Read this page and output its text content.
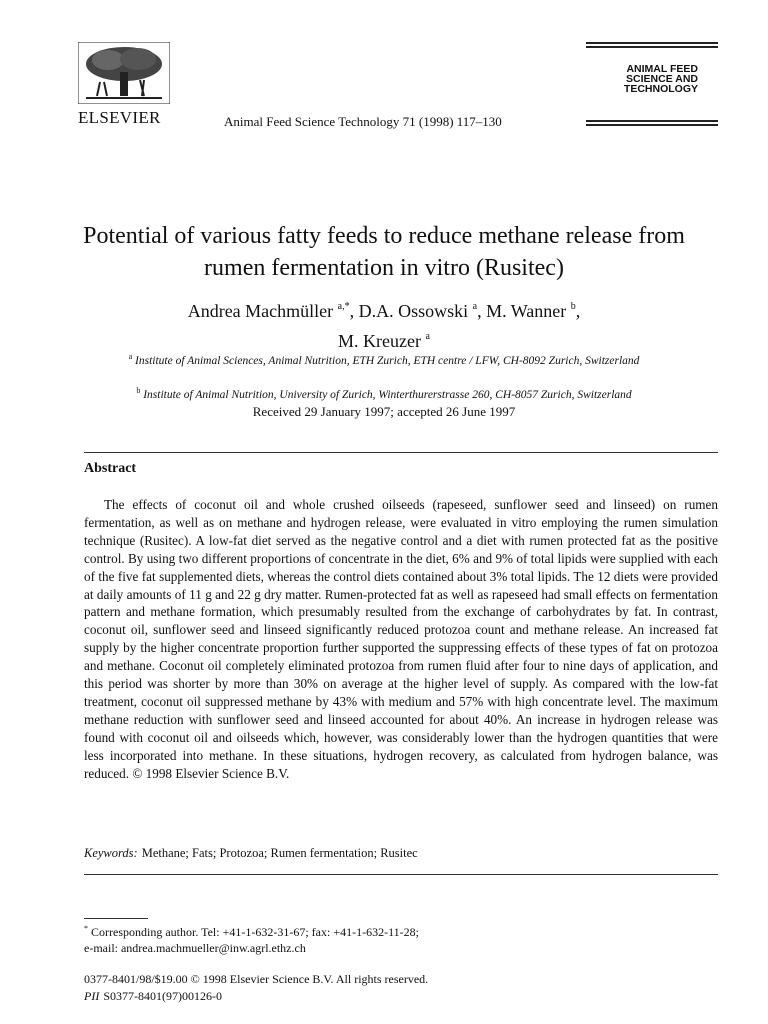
ELSEVIER	Animal Feed Science Technology 71 (1998) 117–130
ANIMAL FEED
SCIENCE AND
TECHNOLOGY
Potential of various fatty feeds to reduce methane release from rumen fermentation in vitro (Rusitec)
Andrea Machmüller $^{a,*}$, D.A. Ossowski $^a$, M. Wanner $^b$,
M. Kreuzer $^a$
$^a$ Institute of Animal Sciences, Animal Nutrition, ETH Zurich, ETH centre / LFW, CH-8092 Zurich, Switzerland
$^b$ Institute of Animal Nutrition, University of Zurich, Winterthurerstrasse 260, CH-8057 Zurich, Switzerland
Received 29 January 1997; accepted 26 June 1997
Abstract
The effects of coconut oil and whole crushed oilseeds (rapeseed, sunflower seed and linseed) on rumen fermentation, as well as on methane and hydrogen release, were evaluated in vitro employing the rumen simulation technique (Rusitec). A low-fat diet served as the negative control and a diet with rumen protected fat as the positive control. By using two different proportions of concentrate in the diet, 6% and 9% of total lipids were supplied with each of the five fat supplemented diets, whereas the control diets contained about 3% total lipids. The 12 diets were provided at daily amounts of 11 g and 22 g dry matter. Rumen-protected fat as well as rapeseed had small effects on fermentation pattern and methane formation, which presumably resulted from the exchange of carbohydrates by fat. In contrast, coconut oil, sunflower seed and linseed significantly reduced protozoa count and methane release. An increased fat supply by the higher concentrate proportion further supported the suppressing effects of these types of fat on protozoa and methane. Coconut oil completely eliminated protozoa from rumen fluid after four to nine days of application, and this period was shorter by more than 30% on average at the higher level of supply. As compared with the low-fat treatment, coconut oil suppressed methane by 43% with medium and 57% with high concentrate level. The maximum methane reduction with sunflower seed and linseed accounted for about 40%. An increase in hydrogen release was found with coconut oil and oilseeds which, however, was considerably lower than the hydrogen quantities that were less incorporated into methane. In these situations, hydrogen recovery, as calculated from hydrogen balance, was reduced. © 1998 Elsevier Science B.V.
Keywords: Methane; Fats; Protozoa; Rumen fermentation; Rusitec
* Corresponding author. Tel: +41-1-632-31-67; fax: +41-1-632-11-28;
e-mail: andrea.machmueller@inw.agrl.ethz.ch
0377-8401/98/$19.00 © 1998 Elsevier Science B.V. All rights reserved.
PII S0377-8401(97)00126-0
